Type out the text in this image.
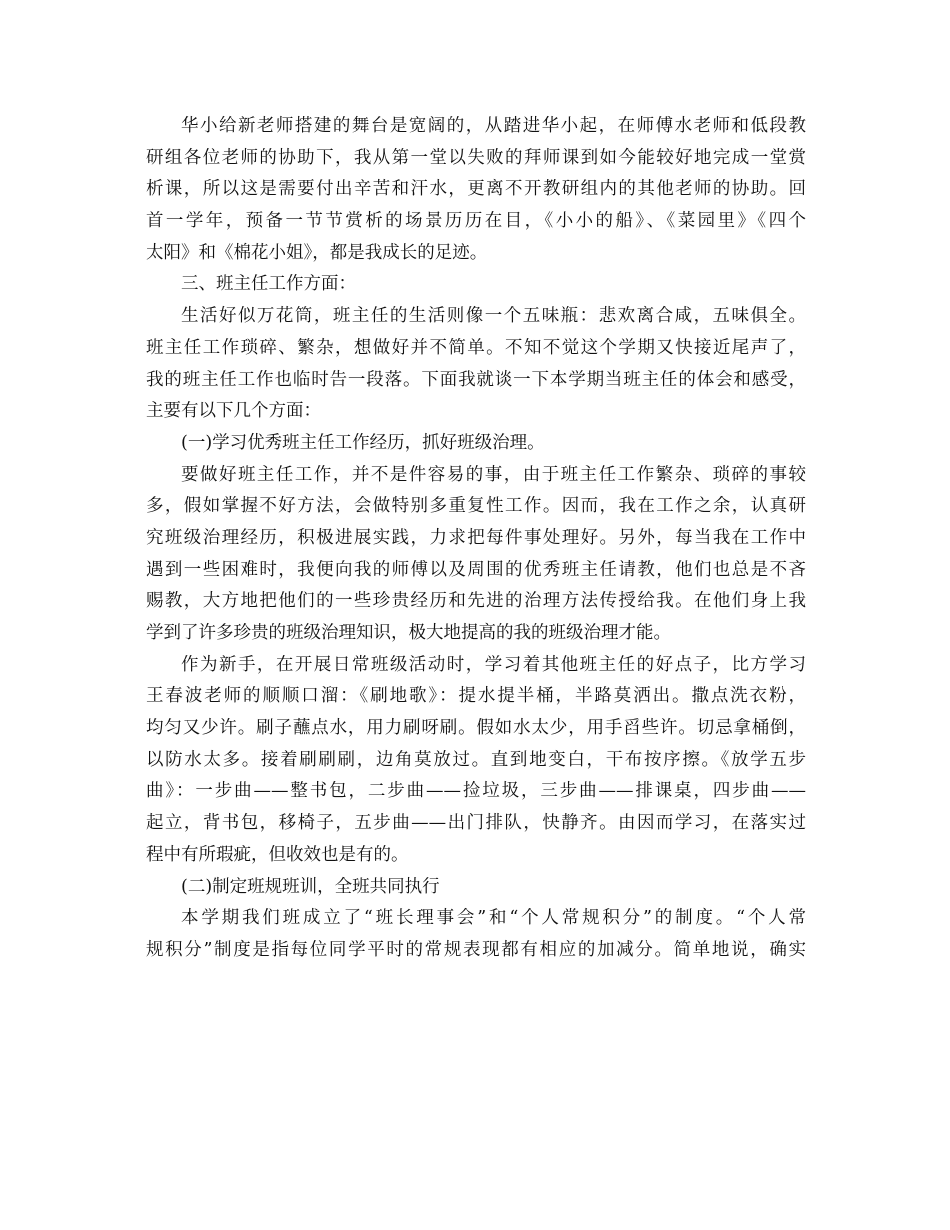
华小给新老师搭建的舞台是宽阔的，从踏进华小起，在师傅水老师和低段教
研组各位老师的协助下，我从第一堂以失败的拜师课到如今能较好地完成一堂赏
析课，所以这是需要付出辛苦和汗水，更离不开教研组内的其他老师的协助。回
首一学年，预备一节节赏析的场景历历在目，《小小的船》、《菜园里》《四个
太阳》和《棉花小姐》，都是我成长的足迹。
三、班主任工作方面：
生活好似万花筒，班主任的生活则像一个五味瓶：悲欢离合咸，五味俱全。
班主任工作琐碎、繁杂，想做好并不简单。不知不觉这个学期又快接近尾声了，
我的班主任工作也临时告一段落。下面我就谈一下本学期当班主任的体会和感受，
主要有以下几个方面：
(一)学习优秀班主任工作经历，抓好班级治理。
要做好班主任工作，并不是件容易的事，由于班主任工作繁杂、琐碎的事较
多，假如掌握不好方法，会做特别多重复性工作。因而，我在工作之余，认真研
究班级治理经历，积极进展实践，力求把每件事处理好。另外，每当我在工作中
遇到一些困难时，我便向我的师傅以及周围的优秀班主任请教，他们也总是不吝
赐教，大方地把他们的一些珍贵经历和先进的治理方法传授给我。在他们身上我
学到了许多珍贵的班级治理知识，极大地提高的我的班级治理才能。
作为新手，在开展日常班级活动时，学习着其他班主任的好点子，比方学习
王春波老师的顺顺口溜：《刷地歌》：提水提半桶，半路莫洒出。撒点洗衣粉，
均匀又少许。刷子蘸点水，用力刷呀刷。假如水太少，用手舀些许。切忌拿桶倒，
以防水太多。接着刷刷刷，边角莫放过。直到地变白，干布按序擦。《放学五步
曲》：一步曲——整书包，二步曲——捡垃圾，三步曲——排课桌，四步曲——
起立，背书包，移椅子，五步曲——出门排队，快静齐。由因而学习，在落实过
程中有所瑕疵，但收效也是有的。
(二)制定班规班训，全班共同执行
本学期我们班成立了“班长理事会”和“个人常规积分”的制度。“个人常
规积分”制度是指每位同学平时的常规表现都有相应的加减分。简单地说，确实
